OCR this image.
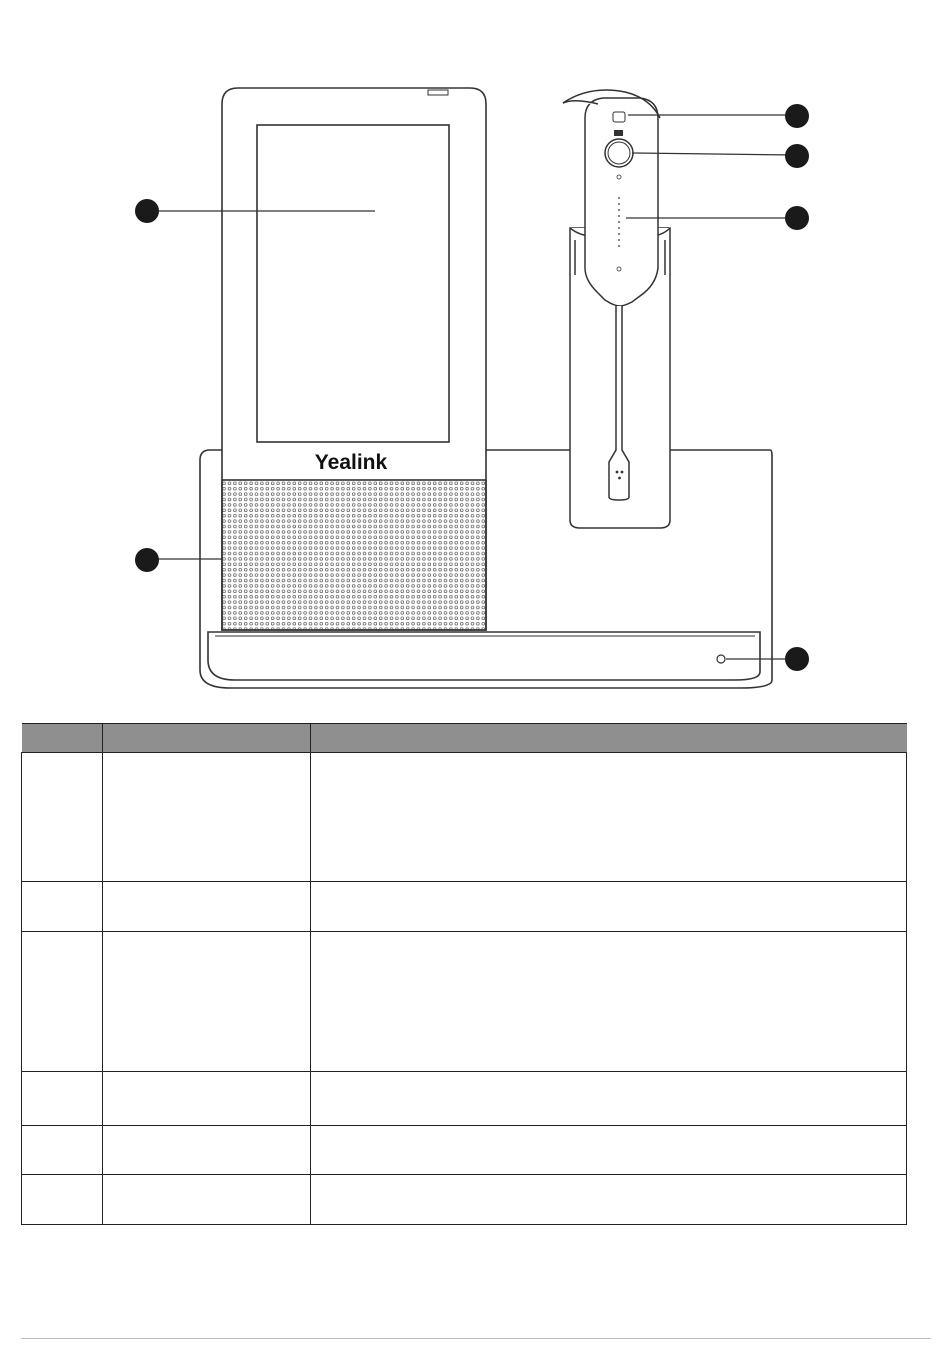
Yealink
